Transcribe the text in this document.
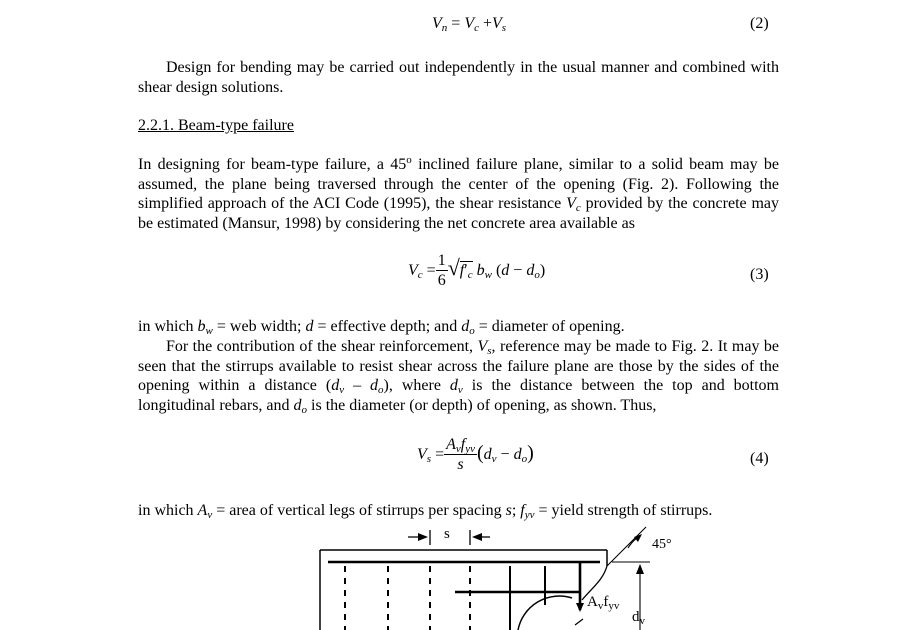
$V_n = V_c +V_s$	(2)
Design for bending may be carried out independently in the usual manner and combined with shear design solutions.
2.2.1. Beam-type failure
In designing for beam-type failure, a 45$^o$ inclined failure plane, similar to a solid beam may be assumed, the plane being traversed through the center of the opening (Fig. 2). Following the simplified approach of the ACI Code (1995), the shear resistance $V_c$ provided by the concrete may be estimated (Mansur, 1998) by considering the net concrete area available as
$V_c = \frac{1}{6} √f'_c$ $b_w$ $(d - d_o)$	(3)
in which $b_w$ = web width; d = effective depth; and $d_o$ = diameter of opening.
For the contribution of the shear reinforcement, $V_s$, reference may be made to Fig. 2. It may be seen that the stirrups available to resist shear across the failure plane are those by the sides of the opening within a distance $(d_v - d_o)$, where $d_v$ is the distance between the top and bottom longitudinal rebars, and $d_o$ is the diameter (or depth) of opening, as shown. Thus,
$V_s = \frac{A_vf_{yv}}{s} (d_v - d_o)$	(4)
in which $A_v$ = area of vertical legs of stirrups per spacing s; $f_{yv}$ = yield strength of stirrups.
s
45°
$A_vf_{yv}$
$d_v$
